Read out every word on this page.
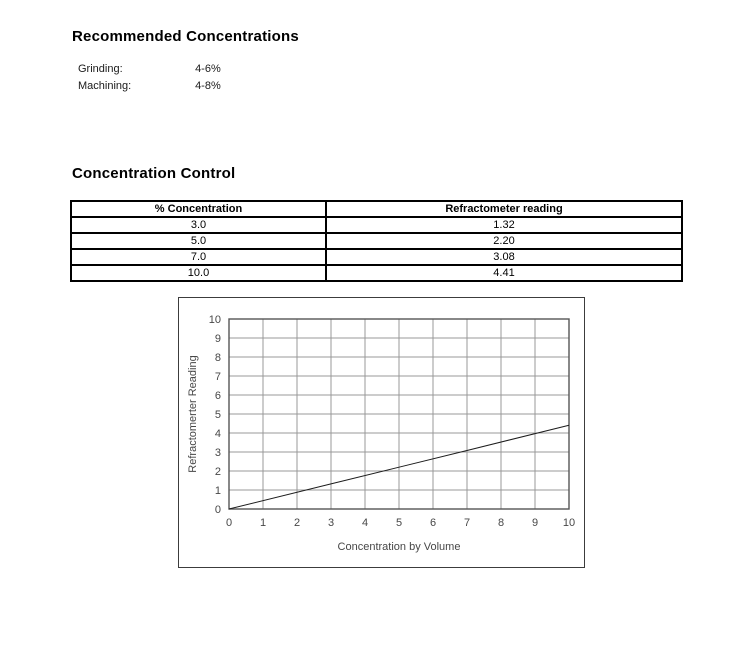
Recommended Concentrations
Grinding:	4-6%
Machining:	4-8%
Concentration Control
% Concentration	Refractometer reading
3.0	1.32
5.0	2.20
7.0	3.08
10.0	4.41
0	1	2	3	4	5	6	7	8	9 10
0
1
2
3
4
5
6
7
8
9
10
Concentration by Volume
Refractomerter Reading
